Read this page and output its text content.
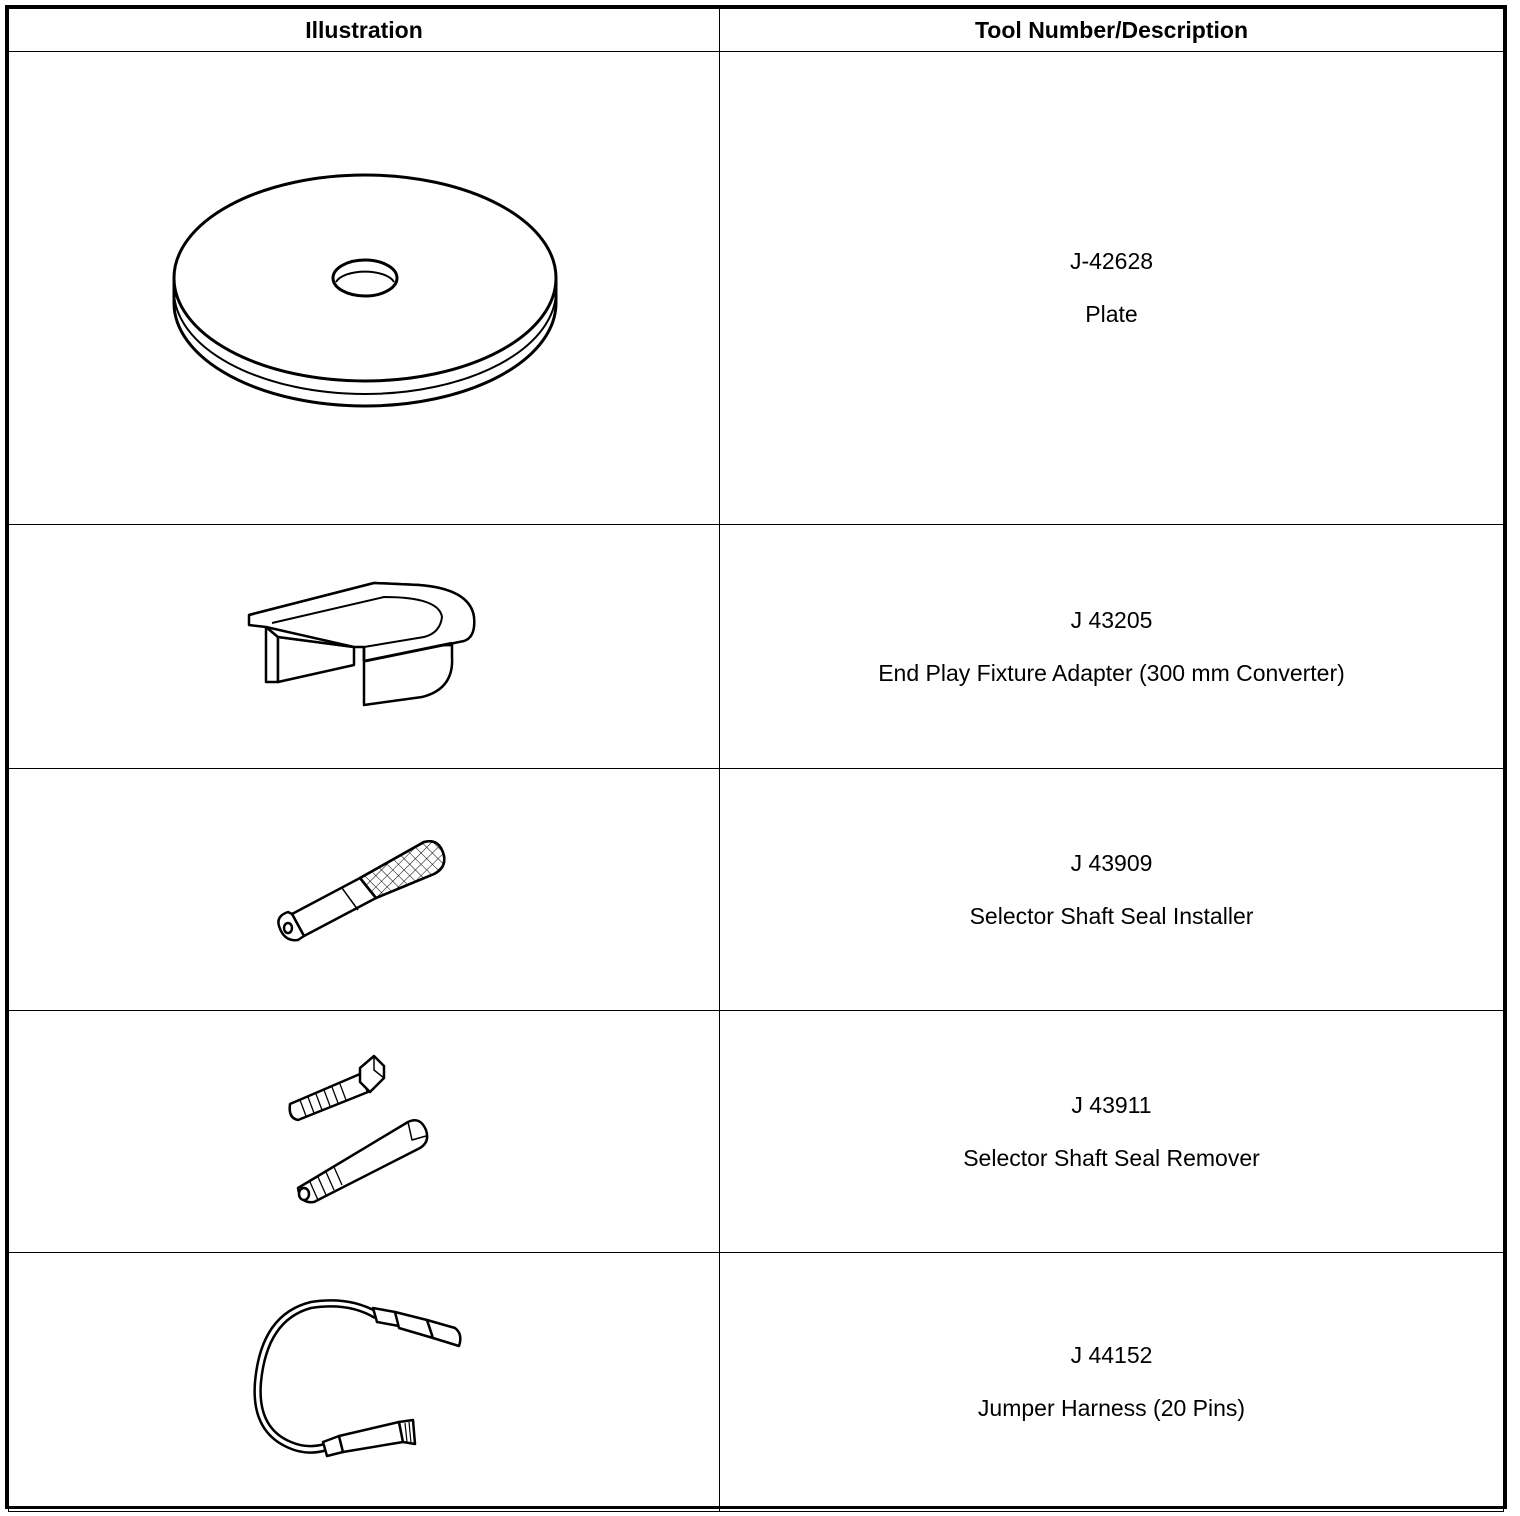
Illustration	Tool Number/Description

J-42628
Plate

J 43205
End Play Fixture Adapter (300 mm Converter)

J 43909
Selector Shaft Seal Installer

J 43911
Selector Shaft Seal Remover

J 44152
Jumper Harness (20 Pins)
